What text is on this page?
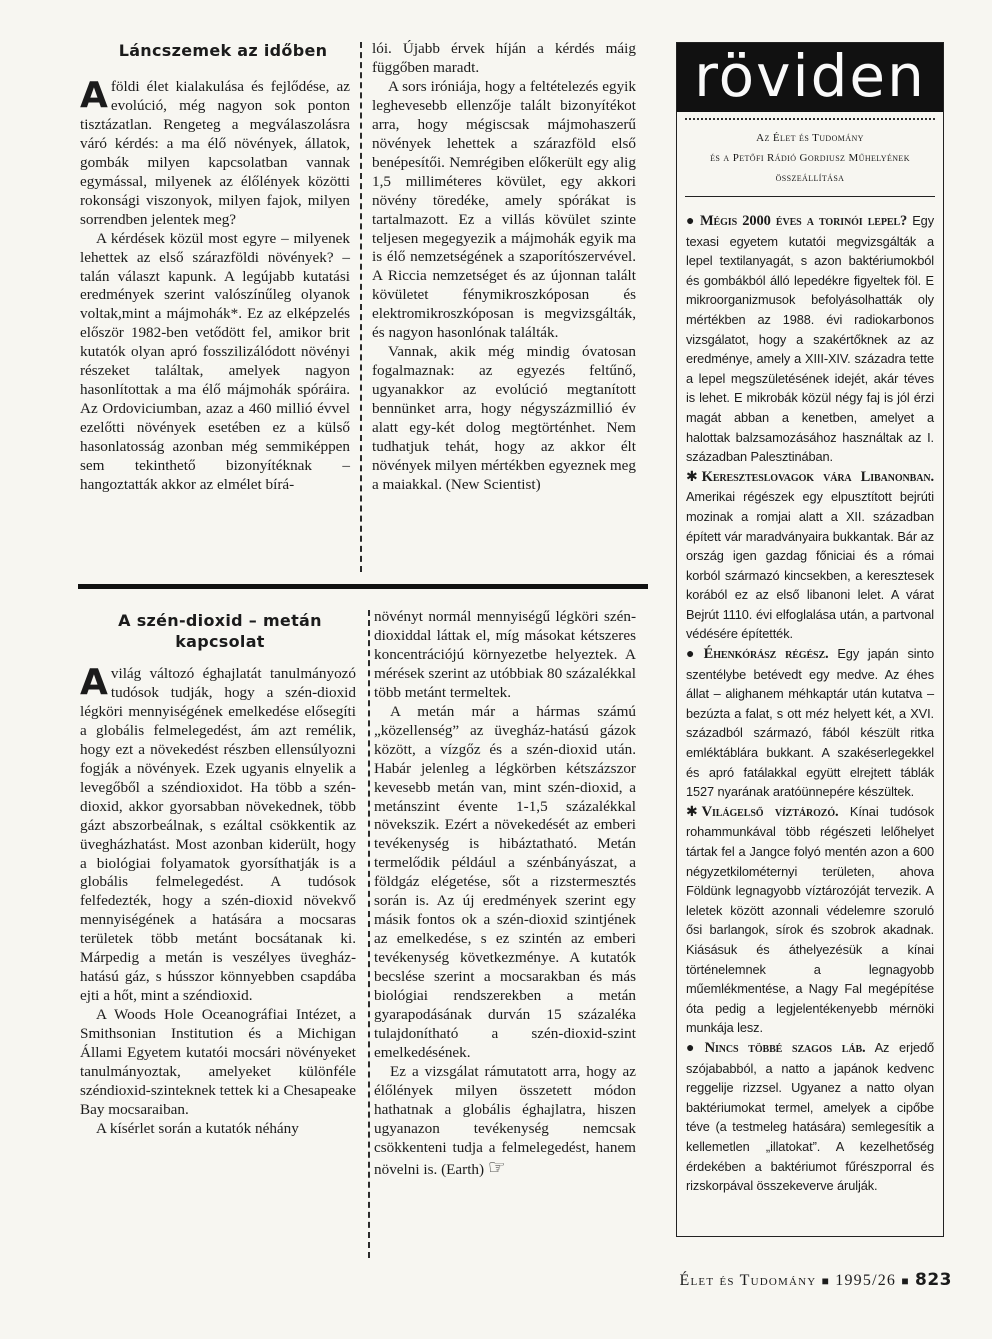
Láncszemek az időben
A földi élet kialakulása és fejlődése, az evolúció, még nagyon sok ponton tisztázatlan. Rengeteg a megválaszolásra váró kérdés: a ma élő növények, állatok, gombák milyen kapcsolatban vannak egymással, milyenek az élőlények közötti rokonsági viszonyok, milyen fajok, milyen sorrendben jelentek meg?

A kérdések közül most egyre – milyenek lehettek az első szárazföldi növények? – talán választ kapunk. A legújabb kutatási eredmények szerint valószínűleg olyanok voltak,mint a májmohák*. Ez az elképzelés először 1982-ben vetődött fel, amikor brit kutatók olyan apró fosszilizálódott növényi részeket találtak, amelyek nagyon hasonlítottak a ma élő májmohák spóráira. Az Ordoviciumban, azaz a 460 millió évvel ezelőtti növények esetében ez a külső hasonlatosság azonban még semmiképpen sem tekinthető bizonyítéknak – hangoztatták akkor az elmélet bírá-

lói. Újabb érvek híján a kérdés máig függőben maradt.

A sors iróniája, hogy a feltételezés egyik leghevesebb ellenzője talált bizonyítékot arra, hogy mégiscsak májmohaszerű növények lehettek a szárazföld első benépesítői. Nemrégiben előkerült egy alig 1,5 milliméteres kövület, egy akkori növény töredéke, amely spórákat is tartalmazott. Ez a villás kövület szinte teljesen megegyezik a májmohák egyik ma is élő nemzetségének a szaporítószervével. A Riccia nemzetséget és az újonnan talált kövületet fénymikroszkóposan és elektromikroszkóposan is megvizsgálták, és nagyon hasonlónak találták.

Vannak, akik még mindig óvatosan fogalmaznak: az egyezés feltűnő, ugyanakkor az evolúció megtanított bennünket arra, hogy négyszázmillió év alatt egy-két dolog megtörténhet. Nem tudhatjuk tehát, hogy az akkor élt növények milyen mértékben egyeznek meg a maiakkal. (New Scientist)

A szén-dioxid – metán kapcsolat
A világ változó éghajlatát tanulmányozó tudósok tudják, hogy a szén-dioxid légköri mennyiségének emelkedése elősegíti a globális felmelegedést, ám azt remélik, hogy ezt a növekedést részben ellensúlyozni fogják a növények. Ezek ugyanis elnyelik a levegőből a széndioxidot. Ha több a szén-dioxid, akkor gyorsabban növekednek, több gázt abszorbeálnak, s ezáltal csökkentik az üvegházhatást. Most azonban kiderült, hogy a biológiai folyamatok gyorsíthatják is a globális felmelegedést. A tudósok felfedezték, hogy a szén-dioxid növekvő mennyiségének a hatására a mocsaras területek több metánt bocsátanak ki. Márpedig a metán is veszélyes üvegház-hatású gáz, s hússzor könnyebben csapdába ejti a hőt, mint a széndioxid.

A Woods Hole Oceanográfiai Intézet, a Smithsonian Institution és a Michigan Állami Egyetem kutatói mocsári növényeket tanulmányoztak, amelyeket különféle széndioxid-szinteknek tettek ki a Chesapeake Bay mocsaraiban.

A kísérlet során a kutatók néhány

növényt normál mennyiségű légköri szén-dioxiddal láttak el, míg másokat kétszeres koncentrációjú környezetbe helyeztek. A mérések szerint az utóbbiak 80 százalékkal több metánt termeltek.

A metán már a hármas számú „közellenség” az üvegház-hatású gázok között, a vízgőz és a szén-dioxid után. Habár jelenleg a légkörben kétszázszor kevesebb metán van, mint szén-dioxid, a metánszint évente 1-1,5 százalékkal növekszik. Ezért a növekedését az emberi tevékenység is hibáztatható. Metán termelődik például a szénbányászat, a földgáz elégetése, sőt a rizstermesztés során is. Az új eredmények szerint egy másik fontos ok a szén-dioxid szintjének az emelkedése, s ez szintén az emberi tevékenység következménye. A kutatók becslése szerint a mocsarakban és más biológiai rendszerekben a metán gyarapodásának durván 15 százaléka tulajdonítható a szén-dioxid-szint emelkedésének.

Ez a vizsgálat rámutatott arra, hogy az élőlények milyen összetett módon hathatnak a globális éghajlatra, hiszen ugyanazon tevékenység nemcsak csökkenteni tudja a felmelegedést, hanem növelni is. (Earth) ☞

röviden
Az Élet és Tudomány
és a Petőfi Rádió Gordiusz Műhelyének
összeállítása

● Mégis 2000 éves a torinói lepel? Egy texasi egyetem kutatói megvizsgálták a lepel textilanyagát, s azon baktériumokból és gombákból álló lepedékre figyeltek föl. E mikroorganizmusok befolyásolhatták oly mértékben az 1988. évi radiokarbonos vizsgálatot, hogy a szakértőknek az az eredménye, amely a XIII-XIV. századra tette a lepel megszületésének idejét, akár téves is lehet. E mikrobák közül négy faj is jól érzi magát abban a kenetben, amelyet a halottak balzsamozásához használtak az I. században Palesztinában.

✱ Kereszteslovagok vára Libanonban. Amerikai régészek egy elpusztított bejrúti mozinak a romjai alatt a XII. században épített vár maradványaira bukkantak. Bár az ország igen gazdag főniciai és a római korból származó kincsekben, a keresztesek korából ez az első libanoni lelet. A várat Bejrút 1110. évi elfoglalása után, a partvonal védésére építették.

● Éhenkórász régész. Egy japán sinto szentélybe betévedt egy medve. Az éhes állat – alighanem méhkaptár után kutatva – bezúzta a falat, s ott méz helyett két, a XVI. századból származó, fából készült ritka emléktáblára bukkant. A szakéserlegekkel és apró fatálakkal együtt elrejtett táblák 1527 nyarának aratóünnepére készültek.

✱ Világelső víztározó. Kínai tudósok rohammunkával több régészeti lelőhelyet tártak fel a Jangce folyó mentén azon a 600 négyzetkilométernyi területen, ahova Földünk legnagyobb víztározóját tervezik. A leletek között azonnali védelemre szoruló ősi barlangok, sírok és szobrok akadnak. Kiásásuk és áthelyezésük a kínai történelemnek a legnagyobb műemlékmentése, a Nagy Fal megépítése óta pedig a legjelentékenyebb mérnöki munkája lesz.

● Nincs többé szagos láb. Az erjedő szójababból, a natto a japánok kedvenc reggelije rizzsel. Ugyanez a natto olyan baktériumokat termel, amelyek a cipőbe téve (a testmeleg hatására) semlegesítik a kellemetlen „illatokat”. A kezelhetőség érdekében a baktériumot fűrészporral és rizskorpával összekeverve árulják.

Élet és Tudomány ■ 1995/26 ■ 823
